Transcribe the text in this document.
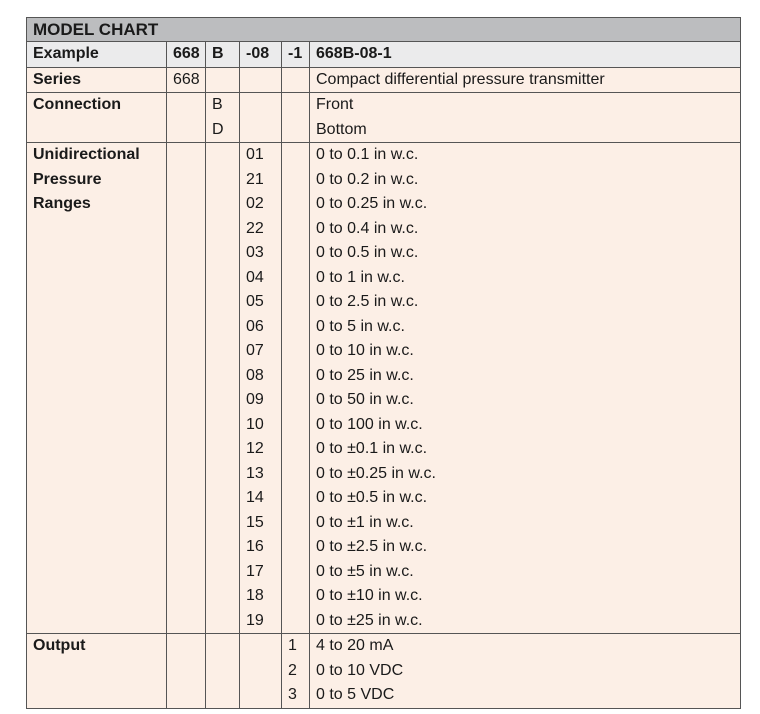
MODEL CHART					
Example	668	B	-08	-1	668B-08-1
Series	668				Compact differential pressure transmitter
Connection		B			Front
		D			Bottom
Unidirectional			01		0 to 0.1 in w.c.
Pressure			21		0 to 0.2 in w.c.
Ranges			02		0 to 0.25 in w.c.
			22		0 to 0.4 in w.c.
			03		0 to 0.5 in w.c.
			04		0 to 1 in w.c.
			05		0 to 2.5 in w.c.
			06		0 to 5 in w.c.
			07		0 to 10 in w.c.
			08		0 to 25 in w.c.
			09		0 to 50 in w.c.
			10		0 to 100 in w.c.
			12		0 to ±0.1 in w.c.
			13		0 to ±0.25 in w.c.
			14		0 to ±0.5 in w.c.
			15		0 to ±1 in w.c.
			16		0 to ±2.5 in w.c.
			17		0 to ±5 in w.c.
			18		0 to ±10 in w.c.
			19		0 to ±25 in w.c.
Output				1	4 to 20 mA
				2	0 to 10 VDC
				3	0 to 5 VDC
